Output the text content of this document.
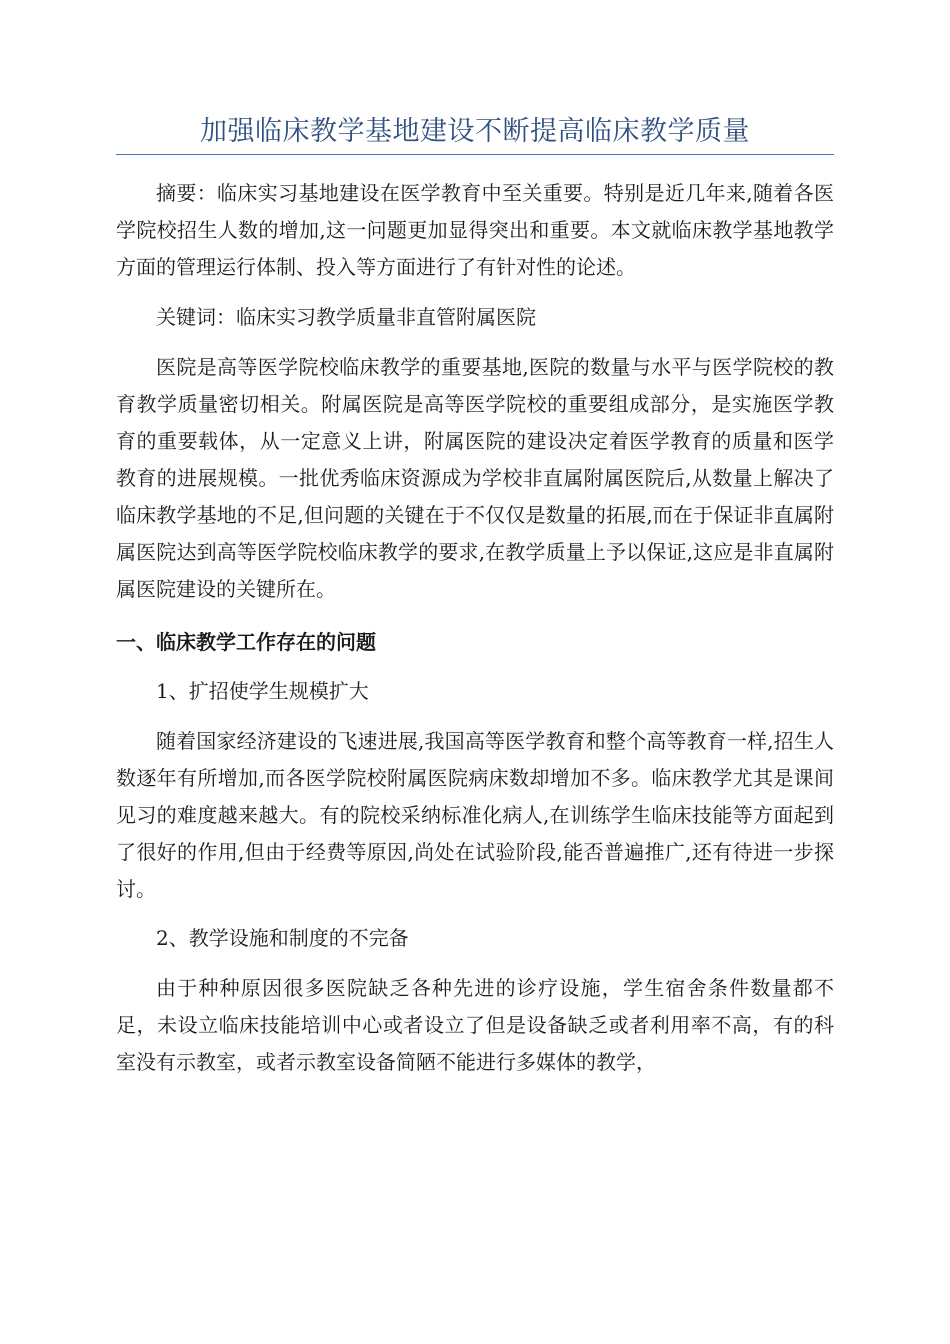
加强临床教学基地建设不断提高临床教学质量

摘要：临床实习基地建设在医学教育中至关重要。特别是近几年来,随着各医学院校招生人数的增加,这一问题更加显得突出和重要。本文就临床教学基地教学方面的管理运行体制、投入等方面进行了有针对性的论述。

关键词：临床实习教学质量非直管附属医院

医院是高等医学院校临床教学的重要基地,医院的数量与水平与医学院校的教育教学质量密切相关。附属医院是高等医学院校的重要组成部分，是实施医学教育的重要载体，从一定意义上讲，附属医院的建设决定着医学教育的质量和医学教育的进展规模。一批优秀临床资源成为学校非直属附属医院后,从数量上解决了临床教学基地的不足,但问题的关键在于不仅仅是数量的拓展,而在于保证非直属附属医院达到高等医学院校临床教学的要求,在教学质量上予以保证,这应是非直属附属医院建设的关键所在。

一、临床教学工作存在的问题
1、扩招使学生规模扩大

随着国家经济建设的飞速进展,我国高等医学教育和整个高等教育一样,招生人数逐年有所增加,而各医学院校附属医院病床数却增加不多。临床教学尤其是课间见习的难度越来越大。有的院校采纳标准化病人,在训练学生临床技能等方面起到了很好的作用,但由于经费等原因,尚处在试验阶段,能否普遍推广,还有待进一步探讨。

2、教学设施和制度的不完备

由于种种原因很多医院缺乏各种先进的诊疗设施，学生宿舍条件数量都不足，未设立临床技能培训中心或者设立了但是设备缺乏或者利用率不高，有的科室没有示教室，或者示教室设备简陋不能进行多媒体的教学，
